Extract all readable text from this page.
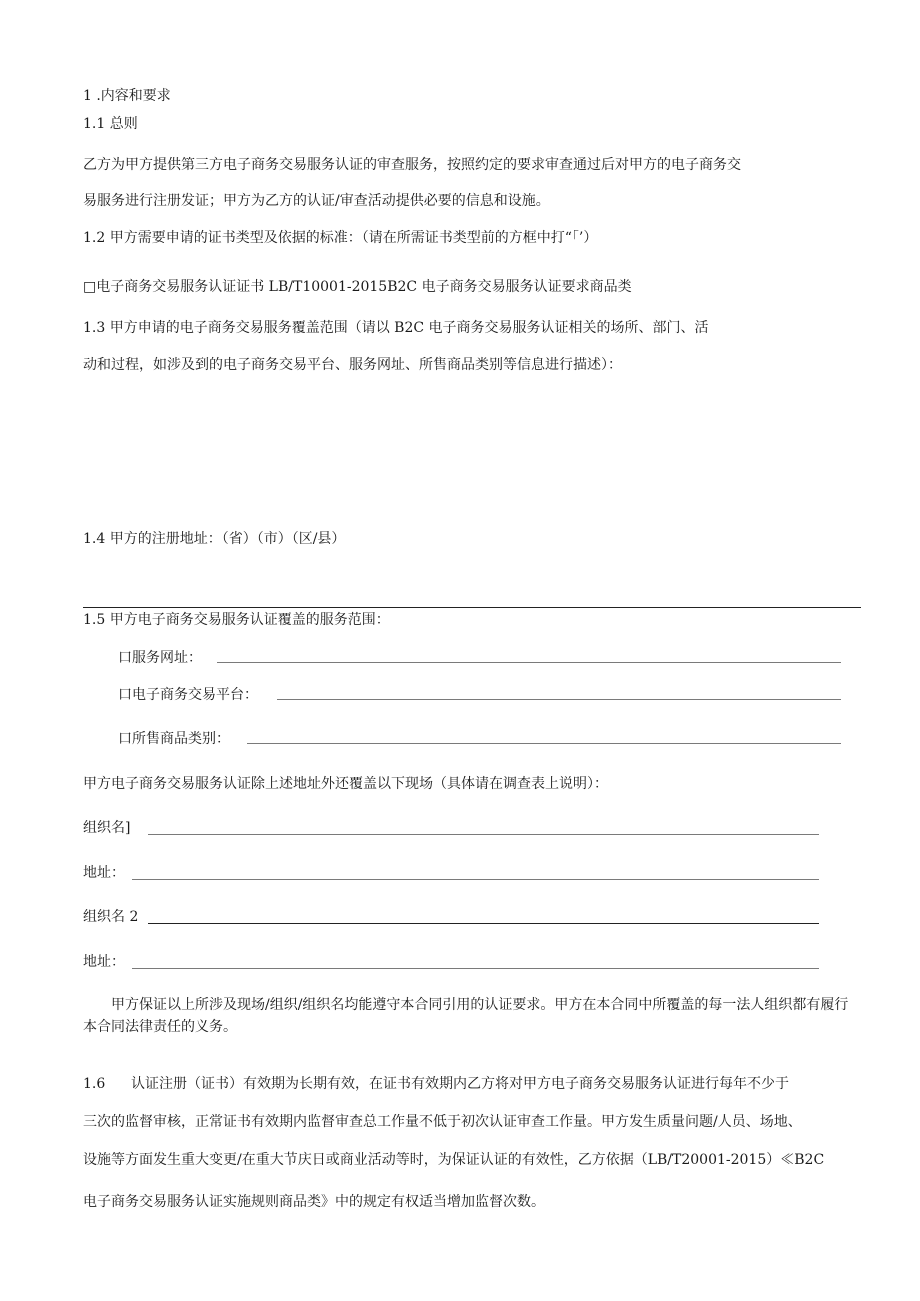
1 .内容和要求
1.1 总则
乙方为甲方提供第三方电子商务交易服务认证的审查服务，按照约定的要求审查通过后对甲方的电子商务交
易服务进行注册发证；甲方为乙方的认证/审查活动提供必要的信息和设施。
1.2 甲方需要申请的证书类型及依据的标准：（请在所需证书类型前的方框中打“「’）
□电子商务交易服务认证证书 LB/T10001-2015B2C 电子商务交易服务认证要求商品类
1.3 甲方申请的电子商务交易服务覆盖范围（请以 B2C 电子商务交易服务认证相关的场所、部门、活
动和过程，如涉及到的电子商务交易平台、服务网址、所售商品类别等信息进行描述）：
1.4 甲方的注册地址：（省）（市）（区/县）
1.5 甲方电子商务交易服务认证覆盖的服务范围：
口服务网址：
口电子商务交易平台：
口所售商品类别：
甲方电子商务交易服务认证除上述地址外还覆盖以下现场（具体请在调查表上说明）：
组织名]
地址：
组织名 2
地址：
甲方保证以上所涉及现场/组织/组织名均能遵守本合同引用的认证要求。甲方在本合同中所覆盖的每一法人组织都有履行本合同法律责任的义务。
1.6 认证注册（证书）有效期为长期有效，在证书有效期内乙方将对甲方电子商务交易服务认证进行每年不少于
三次的监督审核，正常证书有效期内监督审查总工作量不低于初次认证审查工作量。甲方发生质量问题/人员、场地、
设施等方面发生重大变更/在重大节庆日或商业活动等时，为保证认证的有效性，乙方依据（LB/T20001-2015）≪B2C
电子商务交易服务认证实施规则商品类》中的规定有权适当增加监督次数。
